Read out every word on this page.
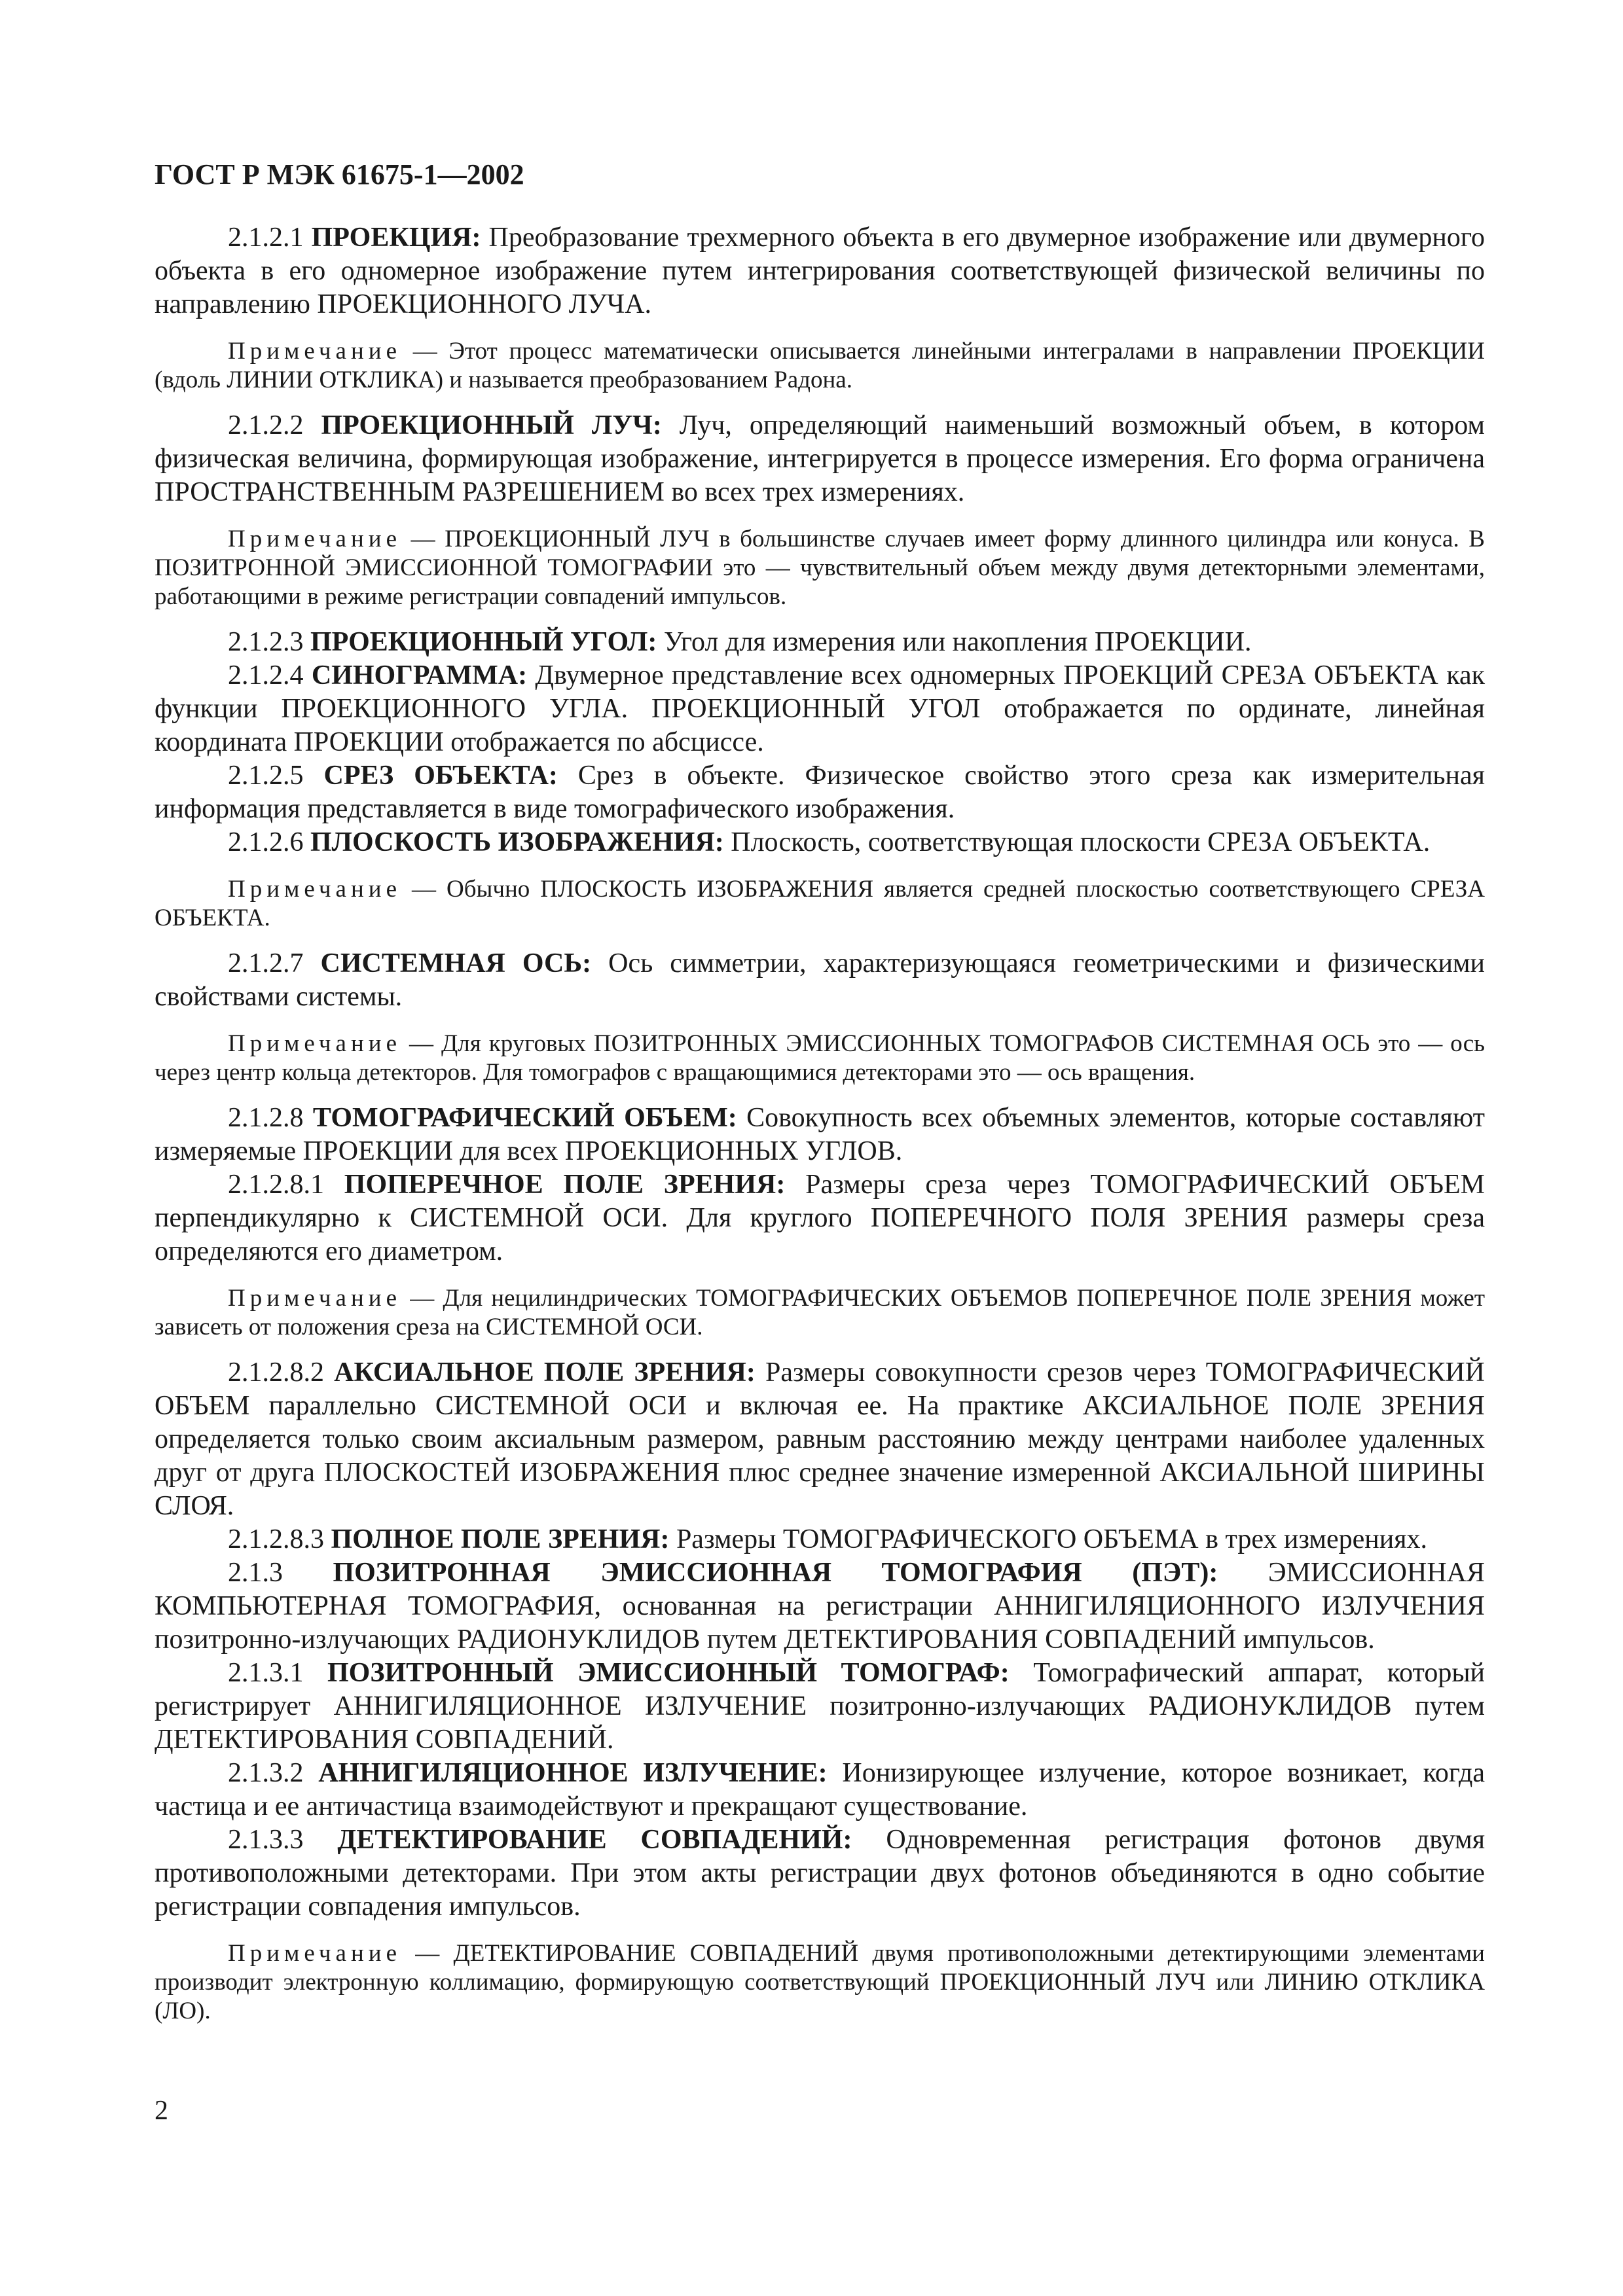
ГОСТ Р МЭК 61675-1—2002

2.1.2.1 ПРОЕКЦИЯ: Преобразование трехмерного объекта в его двумерное изображение или двумерного объекта в его одномерное изображение путем интегрирования соответствующей физической величины по направлению ПРОЕКЦИОННОГО ЛУЧА.

Примечание — Этот процесс математически описывается линейными интегралами в направлении ПРОЕКЦИИ (вдоль ЛИНИИ ОТКЛИКА) и называется преобразованием Радона.

2.1.2.2 ПРОЕКЦИОННЫЙ ЛУЧ: Луч, определяющий наименьший возможный объем, в котором физическая величина, формирующая изображение, интегрируется в процессе измерения. Его форма ограничена ПРОСТРАНСТВЕННЫМ РАЗРЕШЕНИЕМ во всех трех измерениях.

Примечание — ПРОЕКЦИОННЫЙ ЛУЧ в большинстве случаев имеет форму длинного цилиндра или конуса. В ПОЗИТРОННОЙ ЭМИССИОННОЙ ТОМОГРАФИИ это — чувствительный объем между двумя детекторными элементами, работающими в режиме регистрации совпадений импульсов.

2.1.2.3 ПРОЕКЦИОННЫЙ УГОЛ: Угол для измерения или накопления ПРОЕКЦИИ.

2.1.2.4 СИНОГРАММА: Двумерное представление всех одномерных ПРОЕКЦИЙ СРЕЗА ОБЪЕКТА как функции ПРОЕКЦИОННОГО УГЛА. ПРОЕКЦИОННЫЙ УГОЛ отображается по ординате, линейная координата ПРОЕКЦИИ отображается по абсциссе.

2.1.2.5 СРЕЗ ОБЪЕКТА: Срез в объекте. Физическое свойство этого среза как измерительная информация представляется в виде томографического изображения.

2.1.2.6 ПЛОСКОСТЬ ИЗОБРАЖЕНИЯ: Плоскость, соответствующая плоскости СРЕЗА ОБЪЕКТА.

Примечание — Обычно ПЛОСКОСТЬ ИЗОБРАЖЕНИЯ является средней плоскостью соответствующего СРЕЗА ОБЪЕКТА.

2.1.2.7 СИСТЕМНАЯ ОСЬ: Ось симметрии, характеризующаяся геометрическими и физическими свойствами системы.

Примечание — Для круговых ПОЗИТРОННЫХ ЭМИССИОННЫХ ТОМОГРАФОВ СИСТЕМНАЯ ОСЬ это — ось через центр кольца детекторов. Для томографов с вращающимися детекторами это — ось вращения.

2.1.2.8 ТОМОГРАФИЧЕСКИЙ ОБЪЕМ: Совокупность всех объемных элементов, которые составляют измеряемые ПРОЕКЦИИ для всех ПРОЕКЦИОННЫХ УГЛОВ.

2.1.2.8.1 ПОПЕРЕЧНОЕ ПОЛЕ ЗРЕНИЯ: Размеры среза через ТОМОГРАФИЧЕСКИЙ ОБЪЕМ перпендикулярно к СИСТЕМНОЙ ОСИ. Для круглого ПОПЕРЕЧНОГО ПОЛЯ ЗРЕНИЯ размеры среза определяются его диаметром.

Примечание — Для нецилиндрических ТОМОГРАФИЧЕСКИХ ОБЪЕМОВ ПОПЕРЕЧНОЕ ПОЛЕ ЗРЕНИЯ может зависеть от положения среза на СИСТЕМНОЙ ОСИ.

2.1.2.8.2 АКСИАЛЬНОЕ ПОЛЕ ЗРЕНИЯ: Размеры совокупности срезов через ТОМОГРАФИЧЕСКИЙ ОБЪЕМ параллельно СИСТЕМНОЙ ОСИ и включая ее. На практике АКСИАЛЬНОЕ ПОЛЕ ЗРЕНИЯ определяется только своим аксиальным размером, равным расстоянию между центрами наиболее удаленных друг от друга ПЛОСКОСТЕЙ ИЗОБРАЖЕНИЯ плюс среднее значение измеренной АКСИАЛЬНОЙ ШИРИНЫ СЛОЯ.

2.1.2.8.3 ПОЛНОЕ ПОЛЕ ЗРЕНИЯ: Размеры ТОМОГРАФИЧЕСКОГО ОБЪЕМА в трех измерениях.

2.1.3 ПОЗИТРОННАЯ ЭМИССИОННАЯ ТОМОГРАФИЯ (ПЭТ): ЭМИССИОННАЯ КОМПЬЮТЕРНАЯ ТОМОГРАФИЯ, основанная на регистрации АННИГИЛЯЦИОННОГО ИЗЛУЧЕНИЯ позитронно-излучающих РАДИОНУКЛИДОВ путем ДЕТЕКТИРОВАНИЯ СОВПАДЕНИЙ импульсов.

2.1.3.1 ПОЗИТРОННЫЙ ЭМИССИОННЫЙ ТОМОГРАФ: Томографический аппарат, который регистрирует АННИГИЛЯЦИОННОЕ ИЗЛУЧЕНИЕ позитронно-излучающих РАДИОНУКЛИДОВ путем ДЕТЕКТИРОВАНИЯ СОВПАДЕНИЙ.

2.1.3.2 АННИГИЛЯЦИОННОЕ ИЗЛУЧЕНИЕ: Ионизирующее излучение, которое возникает, когда частица и ее античастица взаимодействуют и прекращают существование.

2.1.3.3 ДЕТЕКТИРОВАНИЕ СОВПАДЕНИЙ: Одновременная регистрация фотонов двумя противоположными детекторами. При этом акты регистрации двух фотонов объединяются в одно событие регистрации совпадения импульсов.

Примечание — ДЕТЕКТИРОВАНИЕ СОВПАДЕНИЙ двумя противоположными детектирующими элементами производит электронную коллимацию, формирующую соответствующий ПРОЕКЦИОННЫЙ ЛУЧ или ЛИНИЮ ОТКЛИКА (ЛО).

2
